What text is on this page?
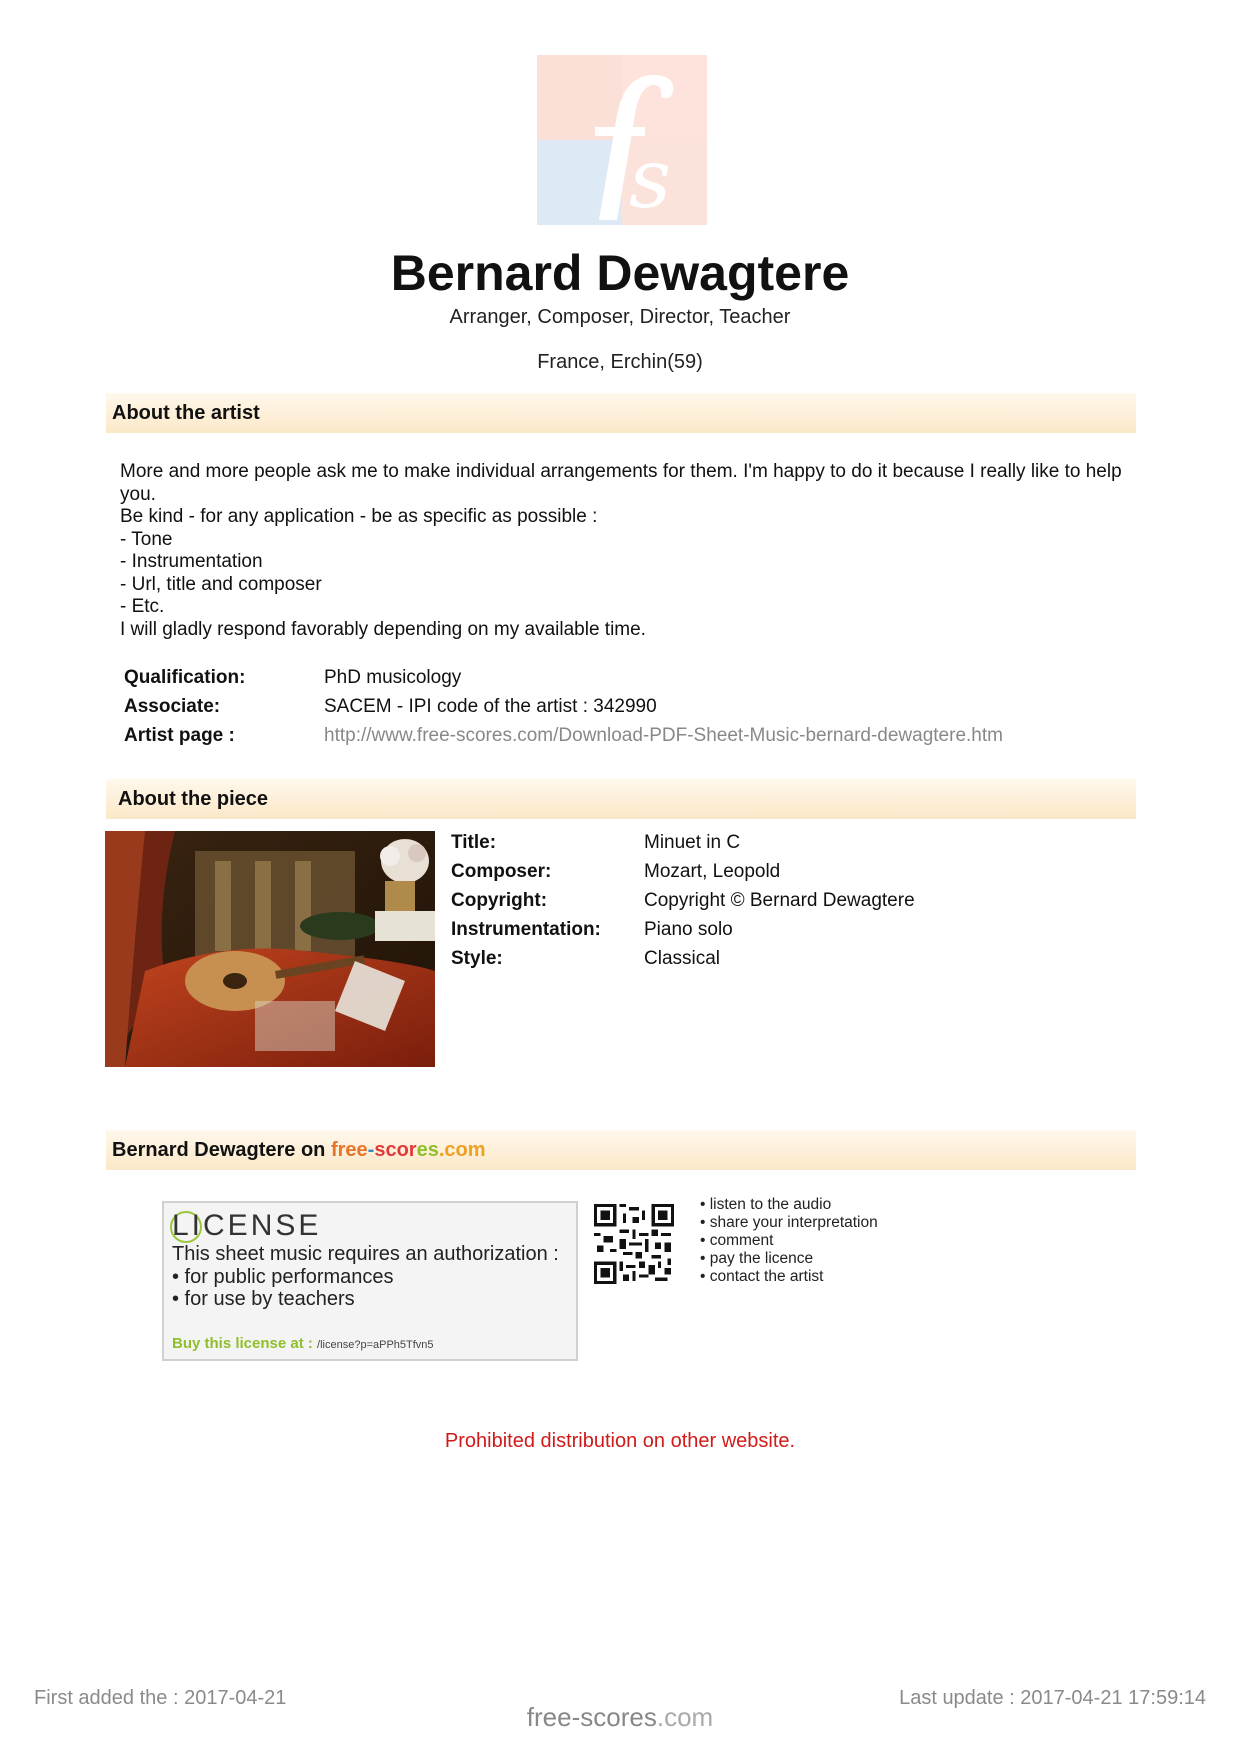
s
Bernard Dewagtere
Arranger, Composer, Director, Teacher
France, Erchin(59)
About the artist
More and more people ask me to make individual arrangements for them. I'm happy to do it because I really like to help you.
Be kind - for any application - be as specific as possible :
- Tone
- Instrumentation
- Url, title and composer
- Etc.
I will gladly respond favorably depending on my available time.
Qualification:	PhD musicology
Associate:	SACEM - IPI code of the artist : 342990
Artist page :	http://www.free-scores.com/Download-PDF-Sheet-Music-bernard-dewagtere.htm
About the piece
Title:	Minuet in C
Composer:	Mozart, Leopold
Copyright:	Copyright © Bernard Dewagtere
Instrumentation: Piano solo
Style:	Classical
Bernard Dewagtere on free-scores.com
LICENSE
This sheet music requires an authorization :
• for public performances
• for use by teachers
Buy this license at : /license?p=aPPh5Tfvn5
• listen to the audio
• share your interpretation
• comment
• pay the licence
• contact the artist
Prohibited distribution on other website.
First added the : 2017-04-21	Last update : 2017-04-21 17:59:14
free-scores.com
